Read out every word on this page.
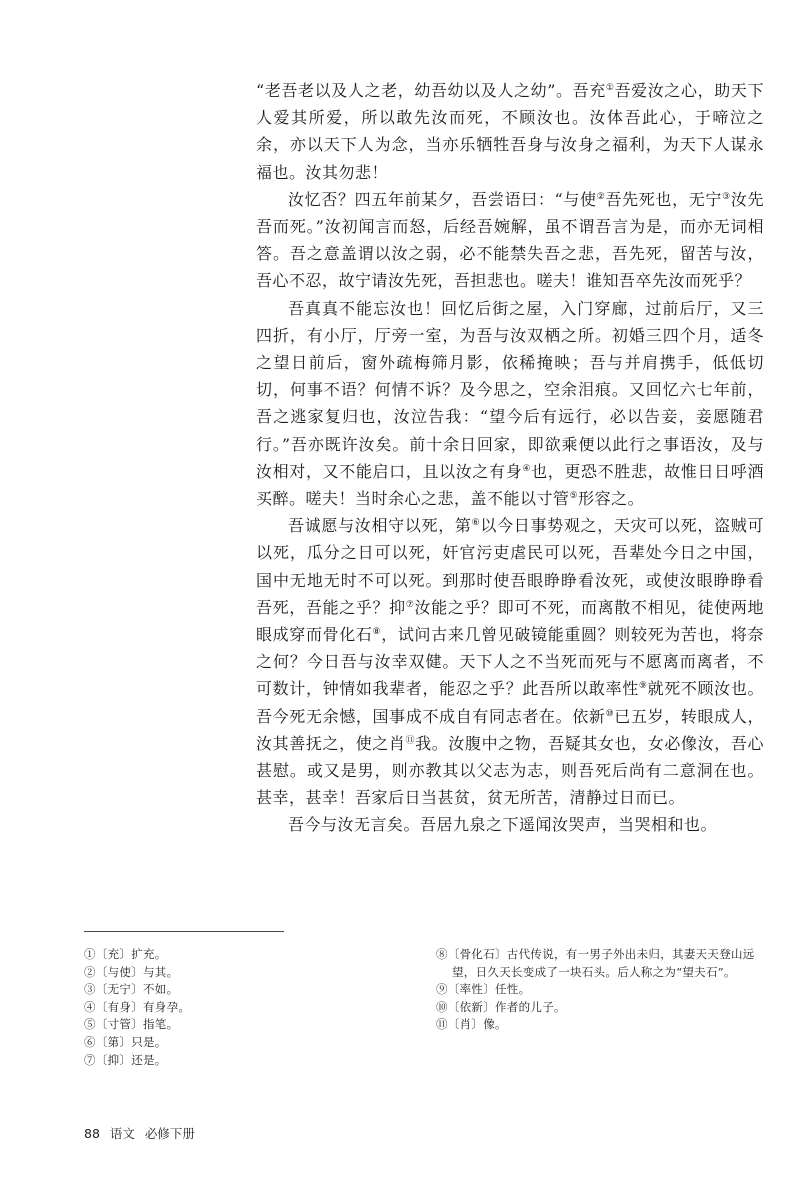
“老吾老以及人之老，幼吾幼以及人之幼”。吾充①吾爱汝之心，助天下人爱其所爱，所以敢先汝而死，不顾汝也。汝体吾此心，于啼泣之余，亦以天下人为念，当亦乐牺牲吾身与汝身之福利，为天下人谋永福也。汝其勿悲！

汝忆否？四五年前某夕，吾尝语曰：“与使②吾先死也，无宁③汝先吾而死。”汝初闻言而怒，后经吾婉解，虽不谓吾言为是，而亦无词相答。吾之意盖谓以汝之弱，必不能禁失吾之悲，吾先死，留苦与汝，吾心不忍，故宁请汝先死，吾担悲也。嗟夫！谁知吾卒先汝而死乎？

吾真真不能忘汝也！回忆后街之屋，入门穿廊，过前后厅，又三四折，有小厅，厅旁一室，为吾与汝双栖之所。初婚三四个月，适冬之望日前后，窗外疏梅筛月影，依稀掩映；吾与并肩携手，低低切切，何事不语？何情不诉？及今思之，空余泪痕。又回忆六七年前，吾之逃家复归也，汝泣告我：“望今后有远行，必以告妾，妾愿随君行。”吾亦既许汝矣。前十余日回家，即欲乘便以此行之事语汝，及与汝相对，又不能启口，且以汝之有身④也，更恐不胜悲，故惟日日呼酒买醉。嗟夫！当时余心之悲，盖不能以寸管⑤形容之。

吾诚愿与汝相守以死，第⑥以今日事势观之，天灾可以死，盗贼可以死，瓜分之日可以死，奸官污吏虐民可以死，吾辈处今日之中国，国中无地无时不可以死。到那时使吾眼睁睁看汝死，或使汝眼睁睁看吾死，吾能之乎？抑⑦汝能之乎？即可不死，而离散不相见，徒使两地眼成穿而骨化石⑧，试问古来几曾见破镜能重圆？则较死为苦也，将奈之何？今日吾与汝幸双健。天下人之不当死而死与不愿离而离者，不可数计，钟情如我辈者，能忍之乎？此吾所以敢率性⑨就死不顾汝也。吾今死无余憾，国事成不成自有同志者在。依新⑩已五岁，转眼成人，汝其善抚之，使之肖⑪我。汝腹中之物，吾疑其女也，女必像汝，吾心甚慰。或又是男，则亦教其以父志为志，则吾死后尚有二意洞在也。甚幸，甚幸！吾家后日当甚贫，贫无所苦，清静过日而已。

吾今与汝无言矣。吾居九泉之下遥闻汝哭声，当哭相和也。

①〔充〕扩充。

②〔与使〕与其。

③〔无宁〕不如。

④〔有身〕有身孕。

⑤〔寸管〕指笔。

⑥〔第〕只是。

⑦〔抑〕还是。

⑧〔骨化石〕古代传说，有一男子外出未归，其妻天天登山远望，日久天长变成了一块石头。后人称之为“望夫石”。

⑨〔率性〕任性。

⑩〔依新〕作者的儿子。

⑪〔肖〕像。

88 语文 必修下册
